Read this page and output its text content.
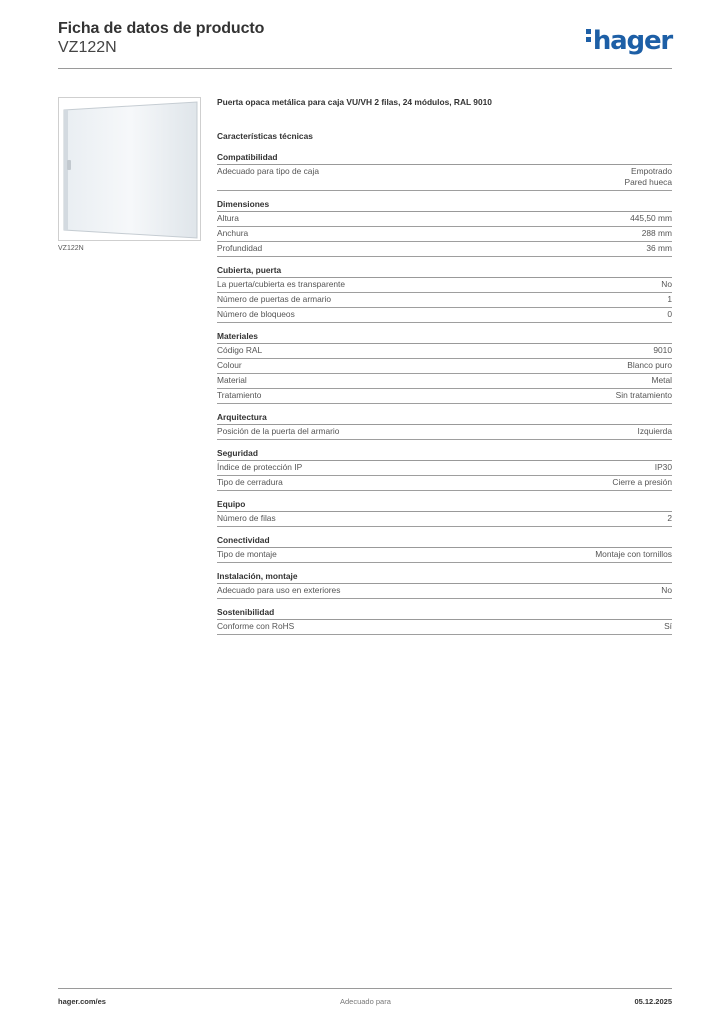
Ficha de datos de producto
VZ122N	hager
VZ122N
Puerta opaca metálica para caja VU/VH 2 filas, 24 módulos, RAL 9010
Características técnicas
Compatibilidad
Adecuado para tipo de caja	Empotrado
Pared hueca
Dimensiones
Altura	445,50 mm
Anchura	288 mm
Profundidad	36 mm
Cubierta, puerta
La puerta/cubierta es transparente	No
Número de puertas de armario	1
Número de bloqueos	0
Materiales
Código RAL	9010
Colour	Blanco puro
Material	Metal
Tratamiento	Sin tratamiento
Arquitectura
Posición de la puerta del armario	Izquierda
Seguridad
Índice de protección IP	IP30
Tipo de cerradura	Cierre a presión
Equipo
Número de filas	2
Conectividad
Tipo de montaje	Montaje con tornillos
Instalación, montaje
Adecuado para uso en exteriores	No
Sostenibilidad
Conforme con RoHS	Sí
hager.com/es	Adecuado para	05.12.2025
